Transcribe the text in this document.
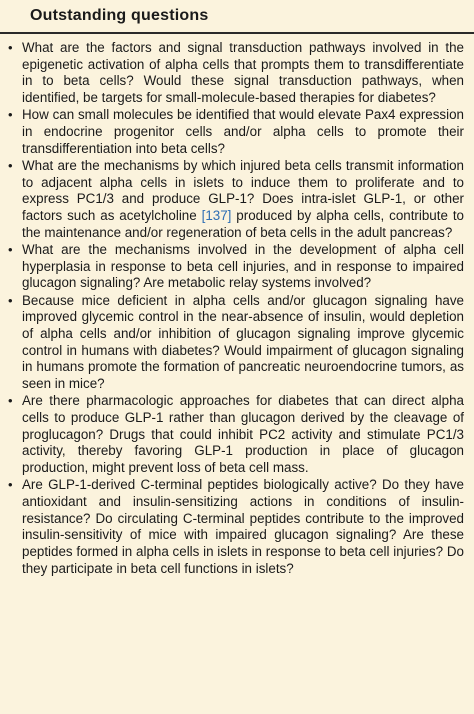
Outstanding questions
• What are the factors and signal transduction pathways involved in the epigenetic activation of alpha cells that prompts them to transdifferentiate in to beta cells? Would these signal transduction pathways, when identified, be targets for small-molecule-based therapies for diabetes?
• How can small molecules be identified that would elevate Pax4 expression in endocrine progenitor cells and/or alpha cells to promote their transdifferentiation into beta cells?
• What are the mechanisms by which injured beta cells transmit information to adjacent alpha cells in islets to induce them to proliferate and to express PC1/3 and produce GLP-1? Does intra-islet GLP-1, or other factors such as acetylcholine [137] produced by alpha cells, contribute to the maintenance and/or regeneration of beta cells in the adult pancreas?
• What are the mechanisms involved in the development of alpha cell hyperplasia in response to beta cell injuries, and in response to impaired glucagon signaling? Are metabolic relay systems involved?
• Because mice deficient in alpha cells and/or glucagon signaling have improved glycemic control in the near-absence of insulin, would depletion of alpha cells and/or inhibition of glucagon signaling improve glycemic control in humans with diabetes? Would impairment of glucagon signaling in humans promote the formation of pancreatic neuroendocrine tumors, as seen in mice?
• Are there pharmacologic approaches for diabetes that can direct alpha cells to produce GLP-1 rather than glucagon derived by the cleavage of proglucagon? Drugs that could inhibit PC2 activity and stimulate PC1/3 activity, thereby favoring GLP-1 production in place of glucagon production, might prevent loss of beta cell mass.
• Are GLP-1-derived C-terminal peptides biologically active? Do they have antioxidant and insulin-sensitizing actions in conditions of insulin-resistance? Do circulating C-terminal peptides contribute to the improved insulin-sensitivity of mice with impaired glucagon signaling? Are these peptides formed in alpha cells in islets in response to beta cell injuries? Do they participate in beta cell functions in islets?
